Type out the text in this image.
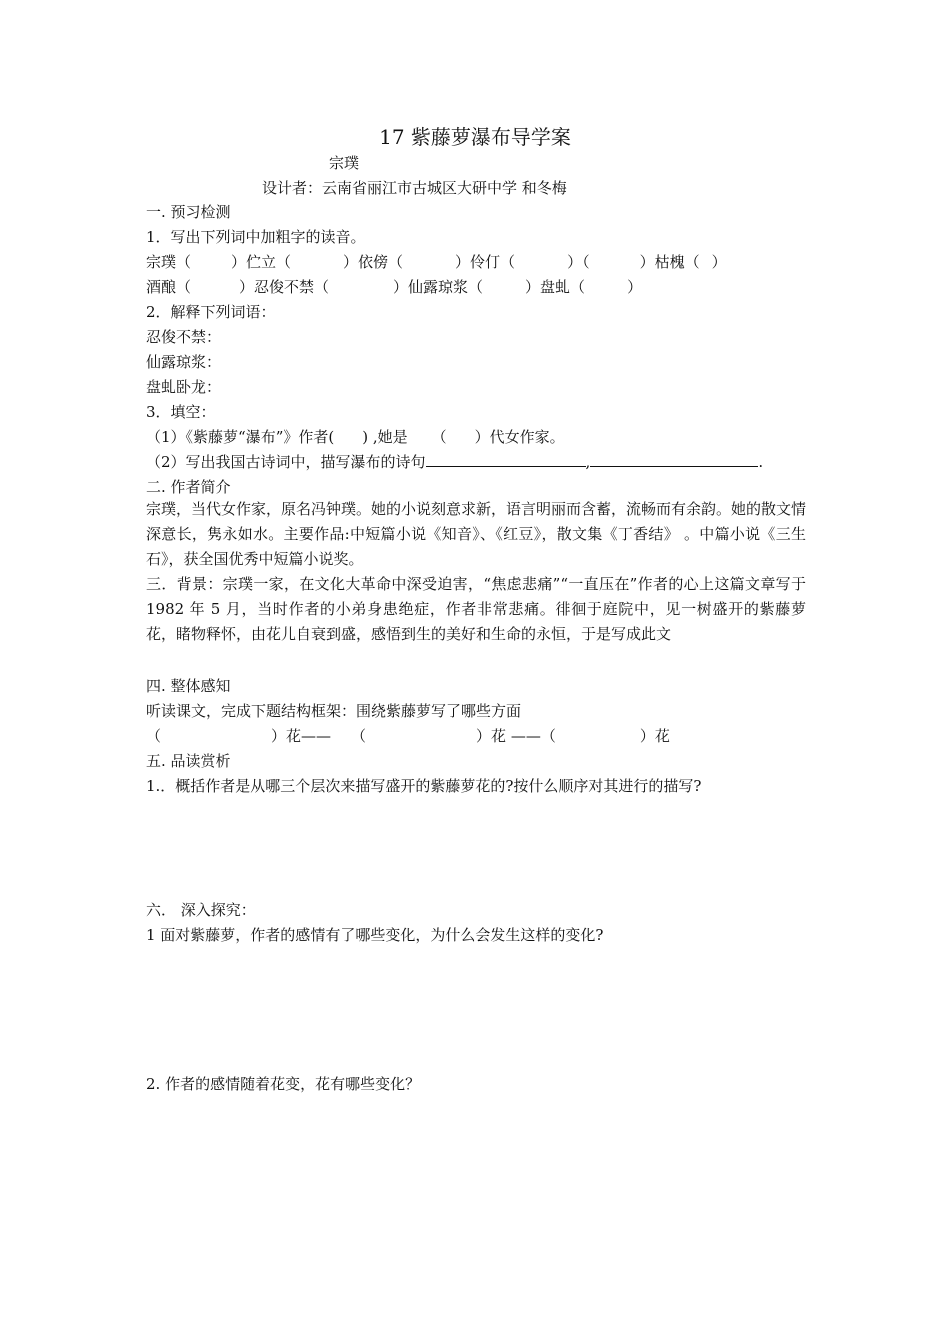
17 紫藤萝瀑布导学案
宗璞
设计者：云南省丽江市古城区大研中学 和冬梅
一. 预习检测
1．写出下列词中加粗字的读音。
宗璞（	）伫立（	）依傍（	）伶仃（	）（	）枯槐（ ）
酒酿（	）忍俊不禁（	）仙露琼浆（	）盘虬（	）
2．解释下列词语：
忍俊不禁：
仙露琼浆：
盘虬卧龙：
3．填空：
（1）《紫藤萝“瀑布”》作者( ) ,她是 （ ）代女作家。
（2）写出我国古诗词中，描写瀑布的诗句	,	.
二. 作者简介
宗璞，当代女作家，原名冯钟璞。她的小说刻意求新，语言明丽而含蓄，流畅而有余韵。她的散文情深意长，隽永如水。主要作品:中短篇小说《知音》、《红豆》，散文集《丁香结》 。中篇小说《三生石》，获全国优秀中短篇小说奖。
三．背景：宗璞一家，在文化大革命中深受迫害，“焦虑悲痛”“一直压在”作者的心上这篇文章写于 1982 年 5 月，当时作者的小弟身患绝症，作者非常悲痛。徘徊于庭院中，见一树盛开的紫藤萝花，睹物释怀，由花儿自衰到盛，感悟到生的美好和生命的永恒，于是写成此文
四. 整体感知
听读课文，完成下题结构框架：围绕紫藤萝写了哪些方面
（	）花—— （	）花 ——（	）花
五. 品读赏析
1.．概括作者是从哪三个层次来描写盛开的紫藤萝花的?按什么顺序对其进行的描写?
六． 深入探究：
1 面对紫藤萝，作者的感情有了哪些变化，为什么会发生这样的变化?
2. 作者的感情随着花变，花有哪些变化？
